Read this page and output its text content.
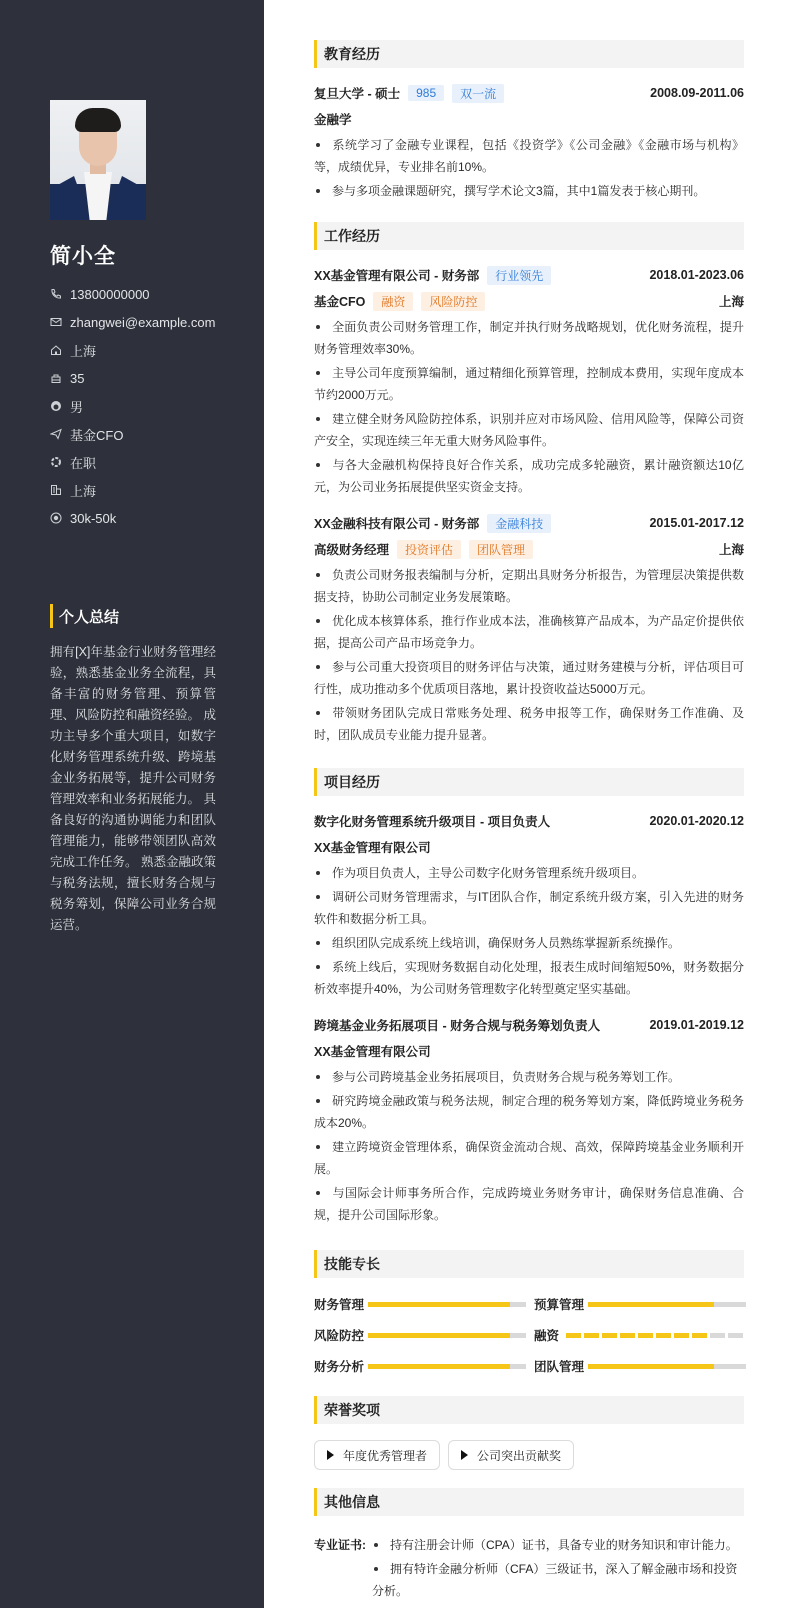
简小全
13800000000
zhangwei@example.com
上海
35
男
基金CFO
在职
上海
30k-50k
个人总结
拥有[X]年基金行业财务管理经验，熟悉基金业务全流程，具备丰富的财务管理、预算管理、风险防控和融资经验。 成功主导多个重大项目，如数字化财务管理系统升级、跨境基金业务拓展等，提升公司财务管理效率和业务拓展能力。 具备良好的沟通协调能力和团队管理能力，能够带领团队高效完成工作任务。 熟悉金融政策与税务法规，擅长财务合规与税务筹划，保障公司业务合规运营。
教育经历
复旦大学 - 硕士	985	双一流	2008.09-2011.06
金融学
系统学习了金融专业课程，包括《投资学》《公司金融》《金融市场与机构》等，成绩优异，专业排名前10%。
参与多项金融课题研究，撰写学术论文3篇，其中1篇发表于核心期刊。
工作经历
XX基金管理有限公司 - 财务部	行业领先	2018.01-2023.06
基金CFO	融资	风险防控	上海
全面负责公司财务管理工作，制定并执行财务战略规划，优化财务流程，提升财务管理效率30%。
主导公司年度预算编制，通过精细化预算管理，控制成本费用，实现年度成本节约2000万元。
建立健全财务风险防控体系，识别并应对市场风险、信用风险等，保障公司资产安全，实现连续三年无重大财务风险事件。
与各大金融机构保持良好合作关系，成功完成多轮融资，累计融资额达10亿元，为公司业务拓展提供坚实资金支持。
XX金融科技有限公司 - 财务部	金融科技	2015.01-2017.12
高级财务经理	投资评估	团队管理	上海
负责公司财务报表编制与分析，定期出具财务分析报告，为管理层决策提供数据支持，协助公司制定业务发展策略。
优化成本核算体系，推行作业成本法，准确核算产品成本，为产品定价提供依据，提高公司产品市场竞争力。
参与公司重大投资项目的财务评估与决策，通过财务建模与分析，评估项目可行性，成功推动多个优质项目落地，累计投资收益达5000万元。
带领财务团队完成日常账务处理、税务申报等工作，确保财务工作准确、及时，团队成员专业能力提升显著。
项目经历
数字化财务管理系统升级项目 - 项目负责人	2020.01-2020.12
XX基金管理有限公司
作为项目负责人，主导公司数字化财务管理系统升级项目。
调研公司财务管理需求，与IT团队合作，制定系统升级方案，引入先进的财务软件和数据分析工具。
组织团队完成系统上线培训，确保财务人员熟练掌握新系统操作。
系统上线后，实现财务数据自动化处理，报表生成时间缩短50%，财务数据分析效率提升40%，为公司财务管理数字化转型奠定坚实基础。
跨境基金业务拓展项目 - 财务合规与税务筹划负责人	2019.01-2019.12
XX基金管理有限公司
参与公司跨境基金业务拓展项目，负责财务合规与税务筹划工作。
研究跨境金融政策与税务法规，制定合理的税务筹划方案，降低跨境业务税务成本20%。
建立跨境资金管理体系，确保资金流动合规、高效，保障跨境基金业务顺利开展。
与国际会计师事务所合作，完成跨境业务财务审计，确保财务信息准确、合规，提升公司国际形象。
技能专长
财务管理	预算管理
风险防控	融资
财务分析	团队管理
荣誉奖项
年度优秀管理者	公司突出贡献奖
其他信息
专业证书:	持有注册会计师（CPA）证书，具备专业的财务知识和审计能力。
拥有特许金融分析师（CFA）三级证书，深入了解金融市场和投资分析。
